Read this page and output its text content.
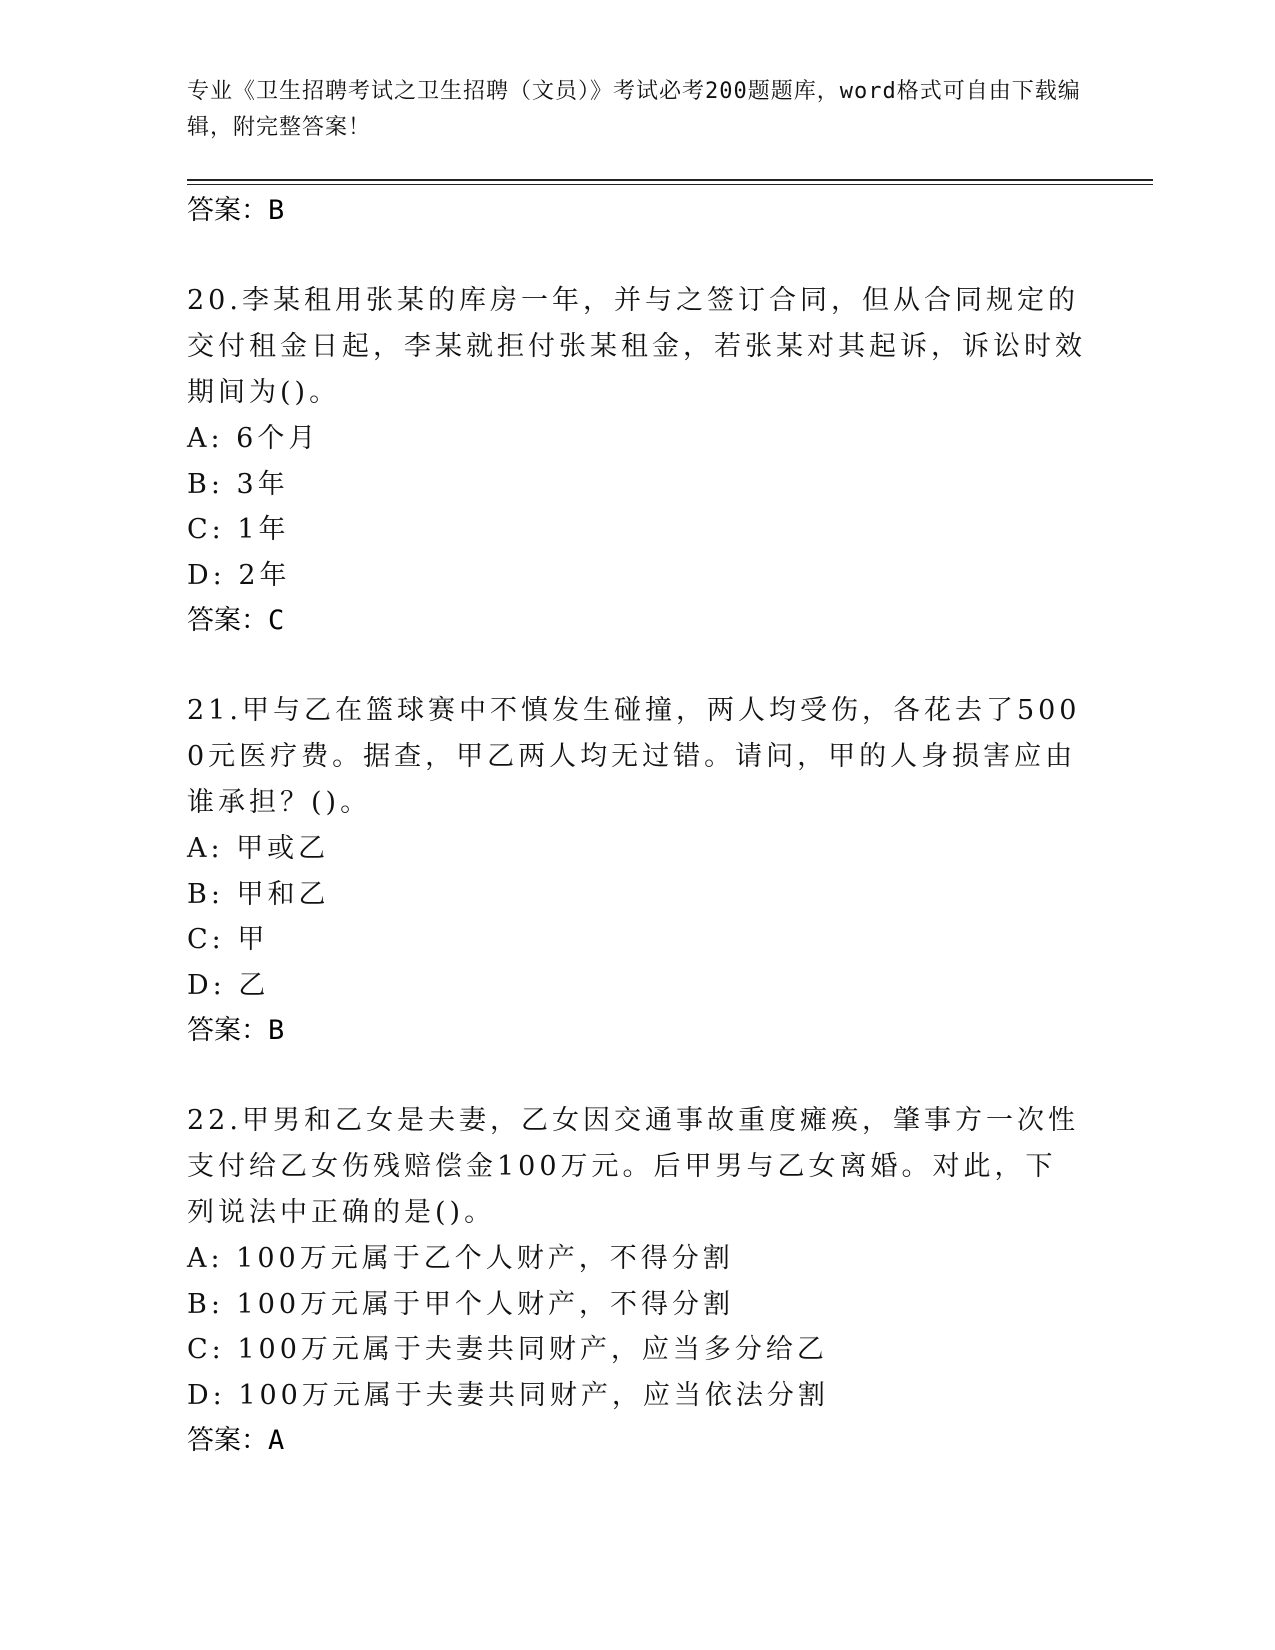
专业《卫生招聘考试之卫生招聘（文员）》考试必考200题题库，word格式可自由下载编辑，附完整答案！
答案：B
20.李某租用张某的库房一年，并与之签订合同，但从合同规定的交付租金日起，李某就拒付张某租金，若张某对其起诉，诉讼时效期间为()。
A: 6个月
B: 3年
C: 1年
D: 2年
答案：C
21.甲与乙在篮球赛中不慎发生碰撞，两人均受伤，各花去了5000元医疗费。据查，甲乙两人均无过错。请问，甲的人身损害应由谁承担？()。
A: 甲或乙
B: 甲和乙
C: 甲
D: 乙
答案：B
22.甲男和乙女是夫妻，乙女因交通事故重度瘫痪，肇事方一次性支付给乙女伤残赔偿金100万元。后甲男与乙女离婚。对此，下列说法中正确的是()。
A: 100万元属于乙个人财产，不得分割
B: 100万元属于甲个人财产，不得分割
C: 100万元属于夫妻共同财产，应当多分给乙
D: 100万元属于夫妻共同财产，应当依法分割
答案：A
